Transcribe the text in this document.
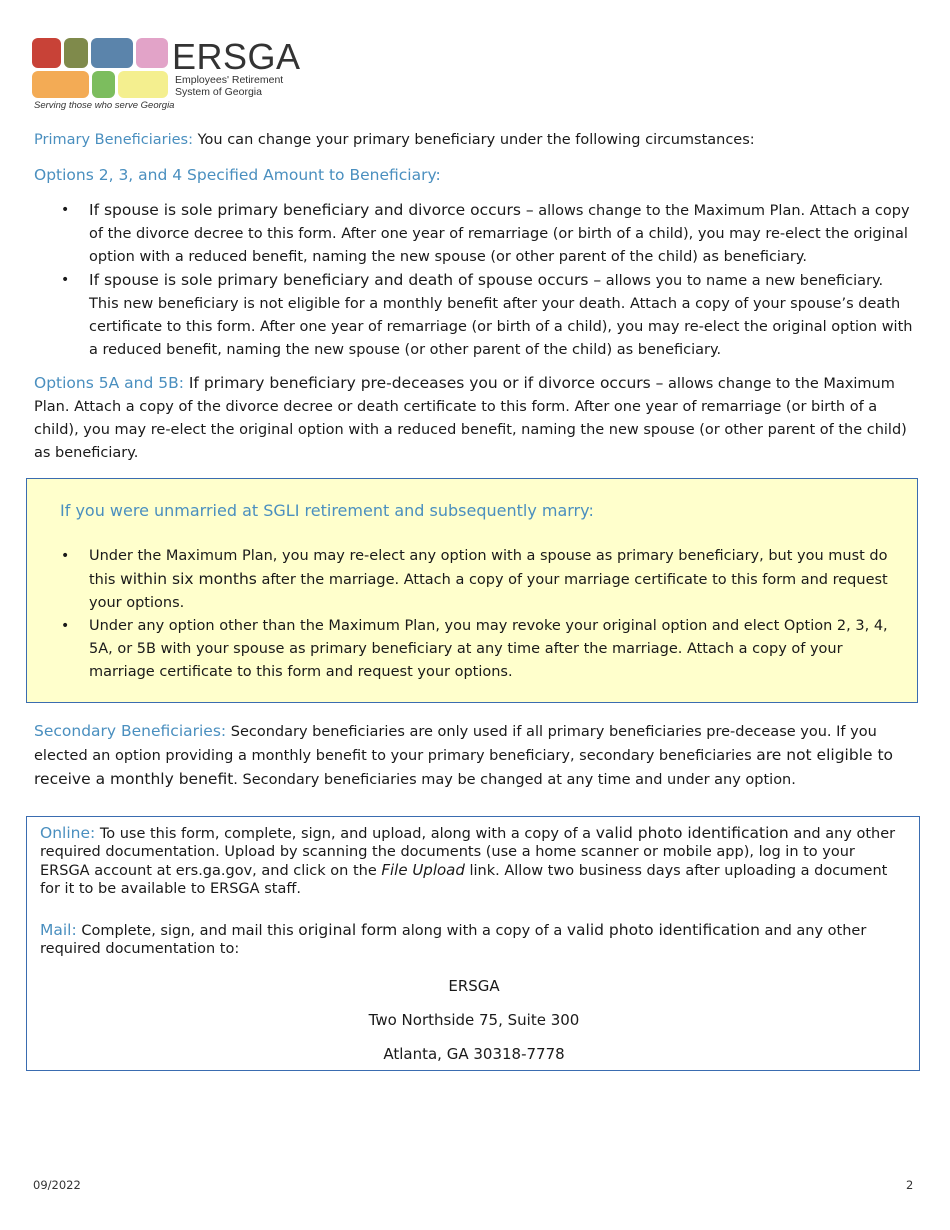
ERSGA
Employees' Retirement
System of Georgia
Serving those who serve Georgia
Primary Beneficiaries: You can change your primary beneficiary under the following circumstances:
Options 2, 3, and 4 Specified Amount to Beneficiary:
• If spouse is sole primary beneficiary and divorce occurs – allows change to the Maximum Plan. Attach a copy of the divorce decree to this form. After one year of remarriage (or birth of a child), you may re-elect the original option with a reduced benefit, naming the new spouse (or other parent of the child) as beneficiary.
• If spouse is sole primary beneficiary and death of spouse occurs – allows you to name a new beneficiary. This new beneficiary is not eligible for a monthly benefit after your death. Attach a copy of your spouse’s death certificate to this form. After one year of remarriage (or birth of a child), you may re-elect the original option with a reduced benefit, naming the new spouse (or other parent of the child) as beneficiary.
Options 5A and 5B: If primary beneficiary pre-deceases you or if divorce occurs – allows change to the Maximum Plan. Attach a copy of the divorce decree or death certificate to this form. After one year of remarriage (or birth of a child), you may re-elect the original option with a reduced benefit, naming the new spouse (or other parent of the child) as beneficiary.
If you were unmarried at SGLI retirement and subsequently marry:
• Under the Maximum Plan, you may re-elect any option with a spouse as primary beneficiary, but you must do this within six months after the marriage. Attach a copy of your marriage certificate to this form and request your options.
• Under any option other than the Maximum Plan, you may revoke your original option and elect Option 2, 3, 4, 5A, or 5B with your spouse as primary beneficiary at any time after the marriage. Attach a copy of your marriage certificate to this form and request your options.
Secondary Beneficiaries: Secondary beneficiaries are only used if all primary beneficiaries pre-decease you. If you elected an option providing a monthly benefit to your primary beneficiary, secondary beneficiaries are not eligible to receive a monthly benefit. Secondary beneficiaries may be changed at any time and under any option.
Online: To use this form, complete, sign, and upload, along with a copy of a valid photo identification and any other required documentation. Upload by scanning the documents (use a home scanner or mobile app), log in to your ERSGA account at ers.ga.gov, and click on the File Upload link. Allow two business days after uploading a document for it to be available to ERSGA staff.
Mail: Complete, sign, and mail this original form along with a copy of a valid photo identification and any other required documentation to:
ERSGA
Two Northside 75, Suite 300
Atlanta, GA 30318-7778
09/2022	2
